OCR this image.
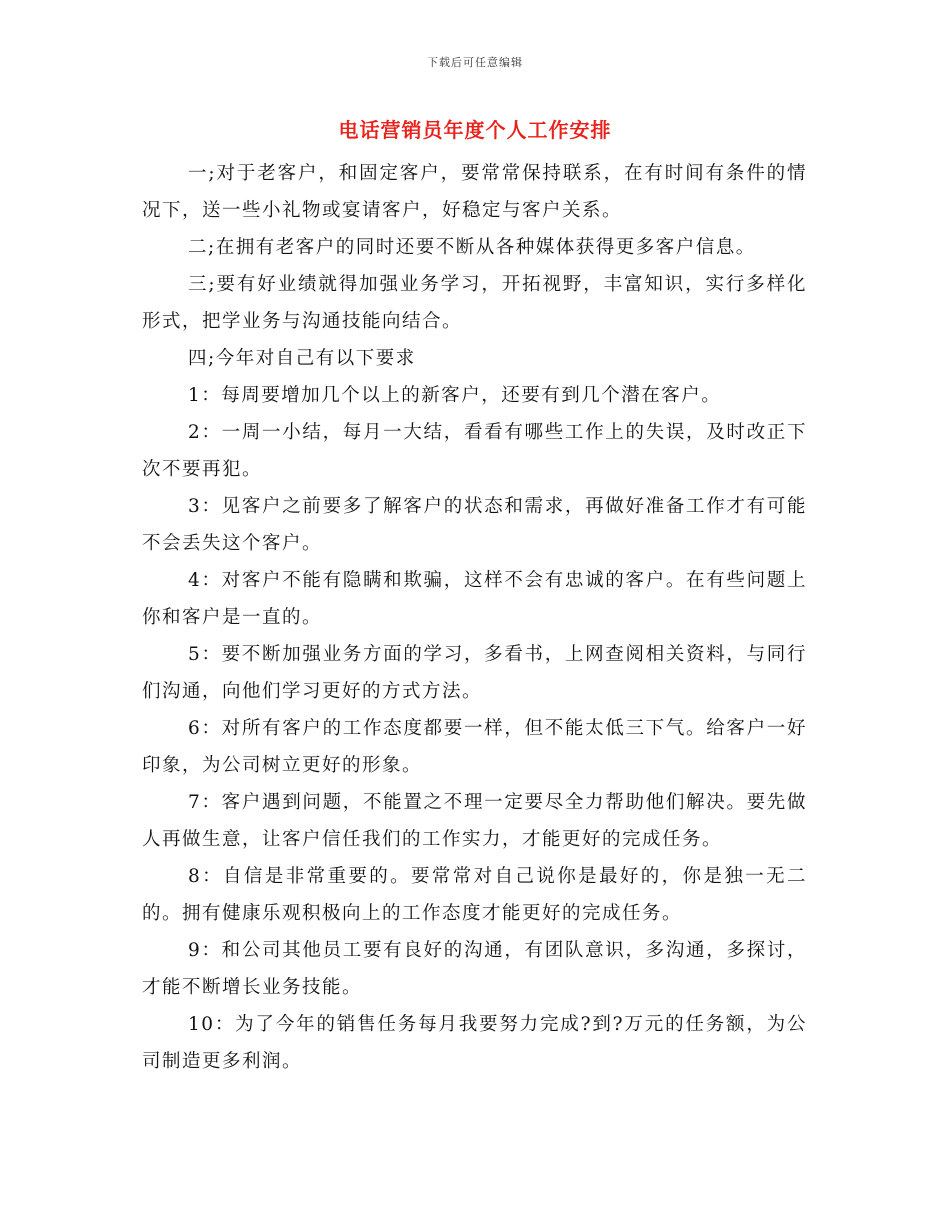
下载后可任意编辑
电话营销员年度个人工作安排

一;对于老客户，和固定客户，要常常保持联系，在有时间有条件的情况下，送一些小礼物或宴请客户，好稳定与客户关系。

二;在拥有老客户的同时还要不断从各种媒体获得更多客户信息。

三;要有好业绩就得加强业务学习，开拓视野，丰富知识，实行多样化形式，把学业务与沟通技能向结合。

四;今年对自己有以下要求

1：每周要增加几个以上的新客户，还要有到几个潜在客户。

2：一周一小结，每月一大结，看看有哪些工作上的失误，及时改正下次不要再犯。

3：见客户之前要多了解客户的状态和需求，再做好准备工作才有可能不会丢失这个客户。

4：对客户不能有隐瞒和欺骗，这样不会有忠诚的客户。在有些问题上你和客户是一直的。

5：要不断加强业务方面的学习，多看书，上网查阅相关资料，与同行们沟通，向他们学习更好的方式方法。

6：对所有客户的工作态度都要一样，但不能太低三下气。给客户一好印象，为公司树立更好的形象。

7：客户遇到问题，不能置之不理一定要尽全力帮助他们解决。要先做人再做生意，让客户信任我们的工作实力，才能更好的完成任务。

8：自信是非常重要的。要常常对自己说你是最好的，你是独一无二的。拥有健康乐观积极向上的工作态度才能更好的完成任务。

9：和公司其他员工要有良好的沟通，有团队意识，多沟通，多探讨，才能不断增长业务技能。

10：为了今年的销售任务每月我要努力完成?到?万元的任务额，为公司制造更多利润。
